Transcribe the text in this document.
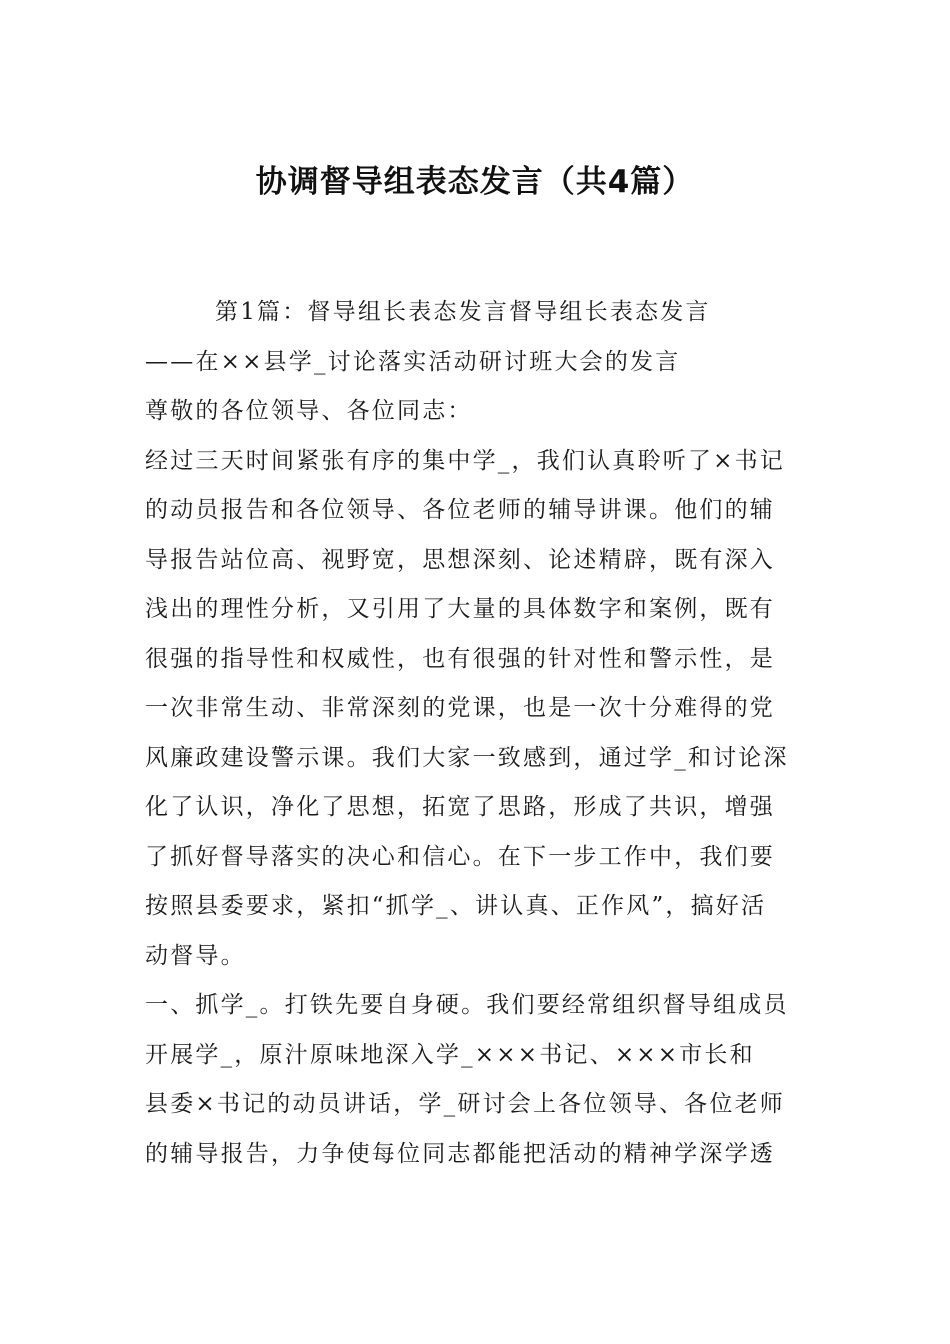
协调督导组表态发言（共4篇）
第1篇：督导组长表态发言督导组长表态发言
——在××县学_讨论落实活动研讨班大会的发言
尊敬的各位领导、各位同志：
经过三天时间紧张有序的集中学_，我们认真聆听了×书记
的动员报告和各位领导、各位老师的辅导讲课。他们的辅
导报告站位高、视野宽，思想深刻、论述精辟，既有深入
浅出的理性分析，又引用了大量的具体数字和案例，既有
很强的指导性和权威性，也有很强的针对性和警示性，是
一次非常生动、非常深刻的党课，也是一次十分难得的党
风廉政建设警示课。我们大家一致感到，通过学_和讨论深
化了认识，净化了思想，拓宽了思路，形成了共识，增强
了抓好督导落实的决心和信心。在下一步工作中，我们要
按照县委要求，紧扣“抓学_、讲认真、正作风”，搞好活
动督导。
一、抓学_。打铁先要自身硬。我们要经常组织督导组成员
开展学_，原汁原味地深入学_×××书记、×××市长和
县委×书记的动员讲话，学_研讨会上各位领导、各位老师
的辅导报告，力争使每位同志都能把活动的精神学深学透
